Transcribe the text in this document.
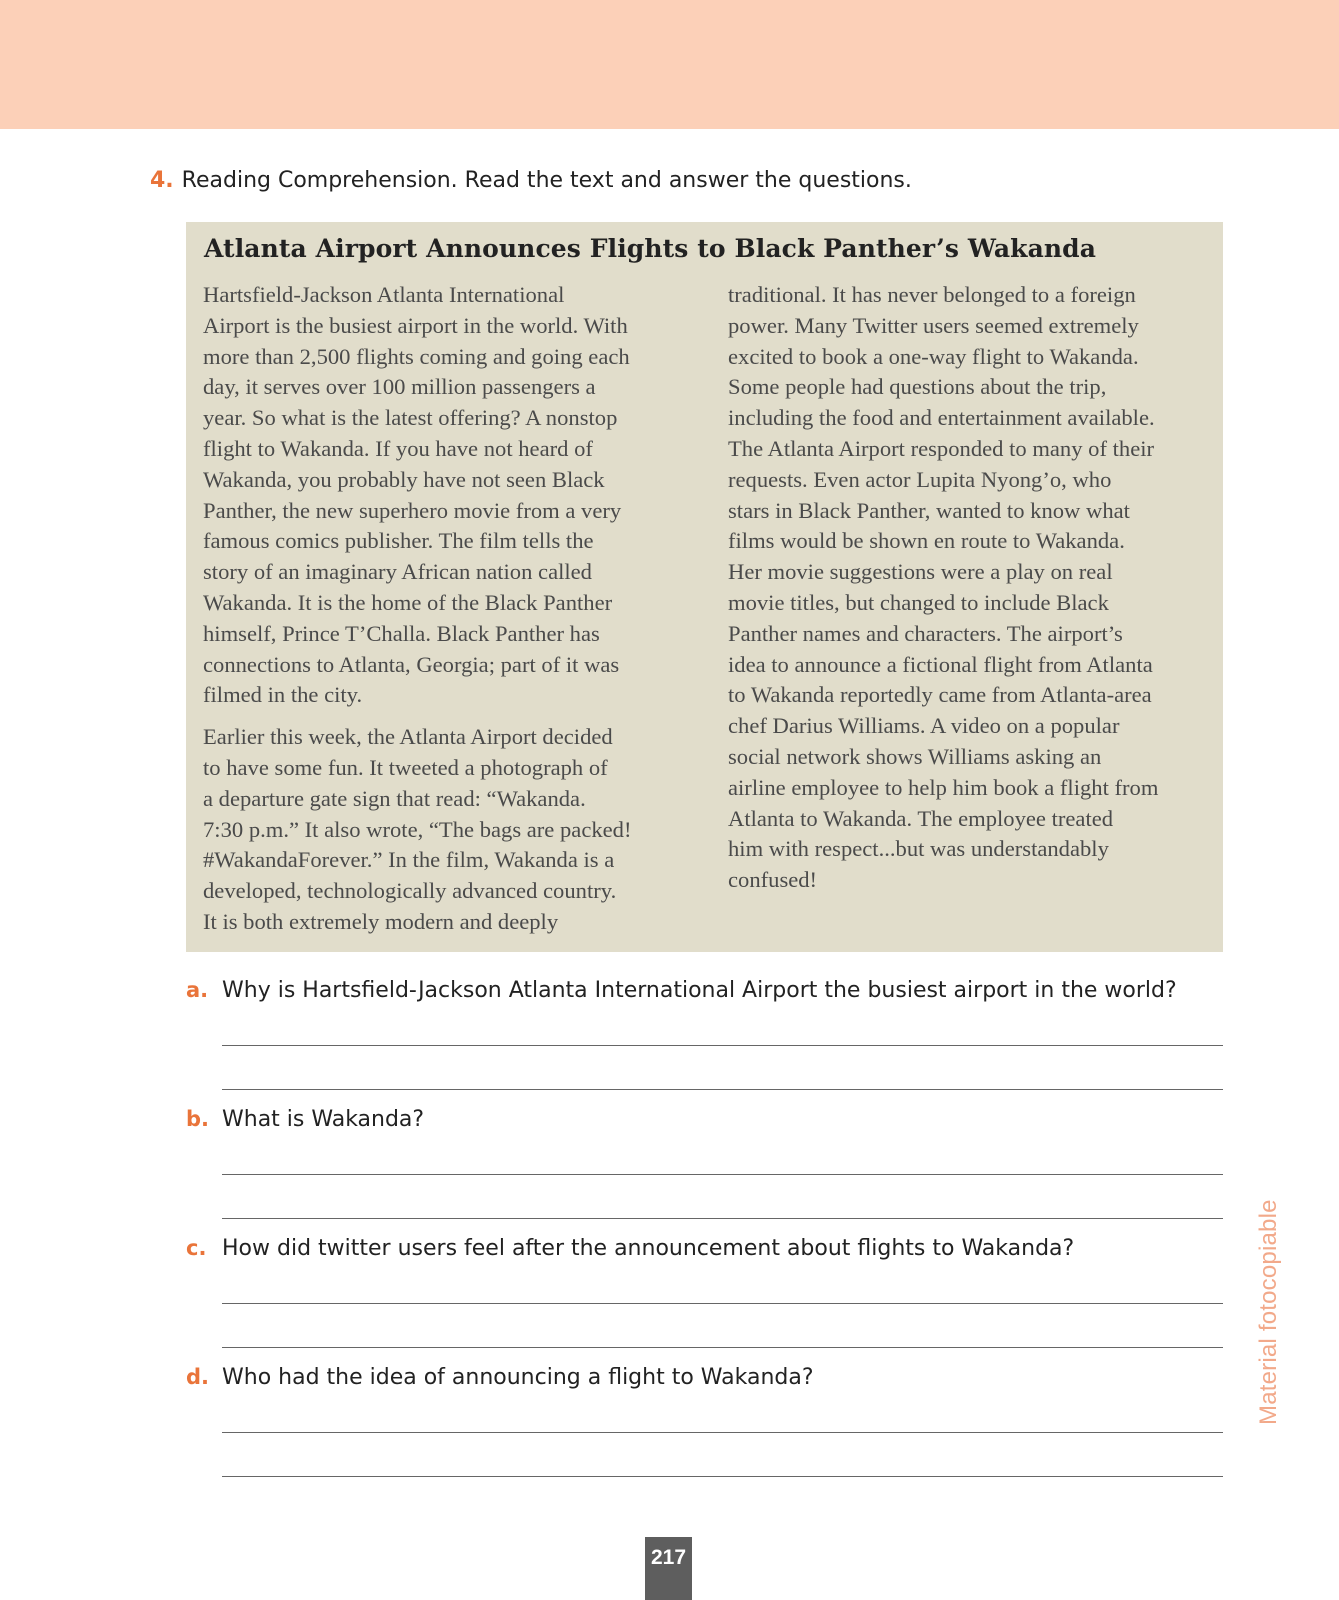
4. Reading Comprehension. Read the text and answer the questions.
Atlanta Airport Announces Flights to Black Panther’s Wakanda

Hartsfield-Jackson Atlanta International
Airport is the busiest airport in the world. With
more than 2,500 flights coming and going each
day, it serves over 100 million passengers a
year. So what is the latest offering? A nonstop
flight to Wakanda. If you have not heard of
Wakanda, you probably have not seen Black
Panther, the new superhero movie from a very
famous comics publisher. The film tells the
story of an imaginary African nation called
Wakanda. It is the home of the Black Panther
himself, Prince T’Challa. Black Panther has
connections to Atlanta, Georgia; part of it was
filmed in the city.

Earlier this week, the Atlanta Airport decided
to have some fun. It tweeted a photograph of
a departure gate sign that read: “Wakanda.
7:30 p.m.” It also wrote, “The bags are packed!
#WakandaForever.” In the film, Wakanda is a
developed, technologically advanced country.
It is both extremely modern and deeply

traditional. It has never belonged to a foreign
power. Many Twitter users seemed extremely
excited to book a one-way flight to Wakanda.
Some people had questions about the trip,
including the food and entertainment available.
The Atlanta Airport responded to many of their
requests. Even actor Lupita Nyong’o, who
stars in Black Panther, wanted to know what
films would be shown en route to Wakanda.
Her movie suggestions were a play on real
movie titles, but changed to include Black
Panther names and characters. The airport’s
idea to announce a fictional flight from Atlanta
to Wakanda reportedly came from Atlanta-area
chef Darius Williams. A video on a popular
social network shows Williams asking an
airline employee to help him book a flight from
Atlanta to Wakanda. The employee treated
him with respect...but was understandably
confused!

a. Why is Hartsfield-Jackson Atlanta International Airport the busiest airport in the world?
b. What is Wakanda?
c. How did twitter users feel after the announcement about flights to Wakanda?
d. Who had the idea of announcing a flight to Wakanda?	Material fotocopiable
217
